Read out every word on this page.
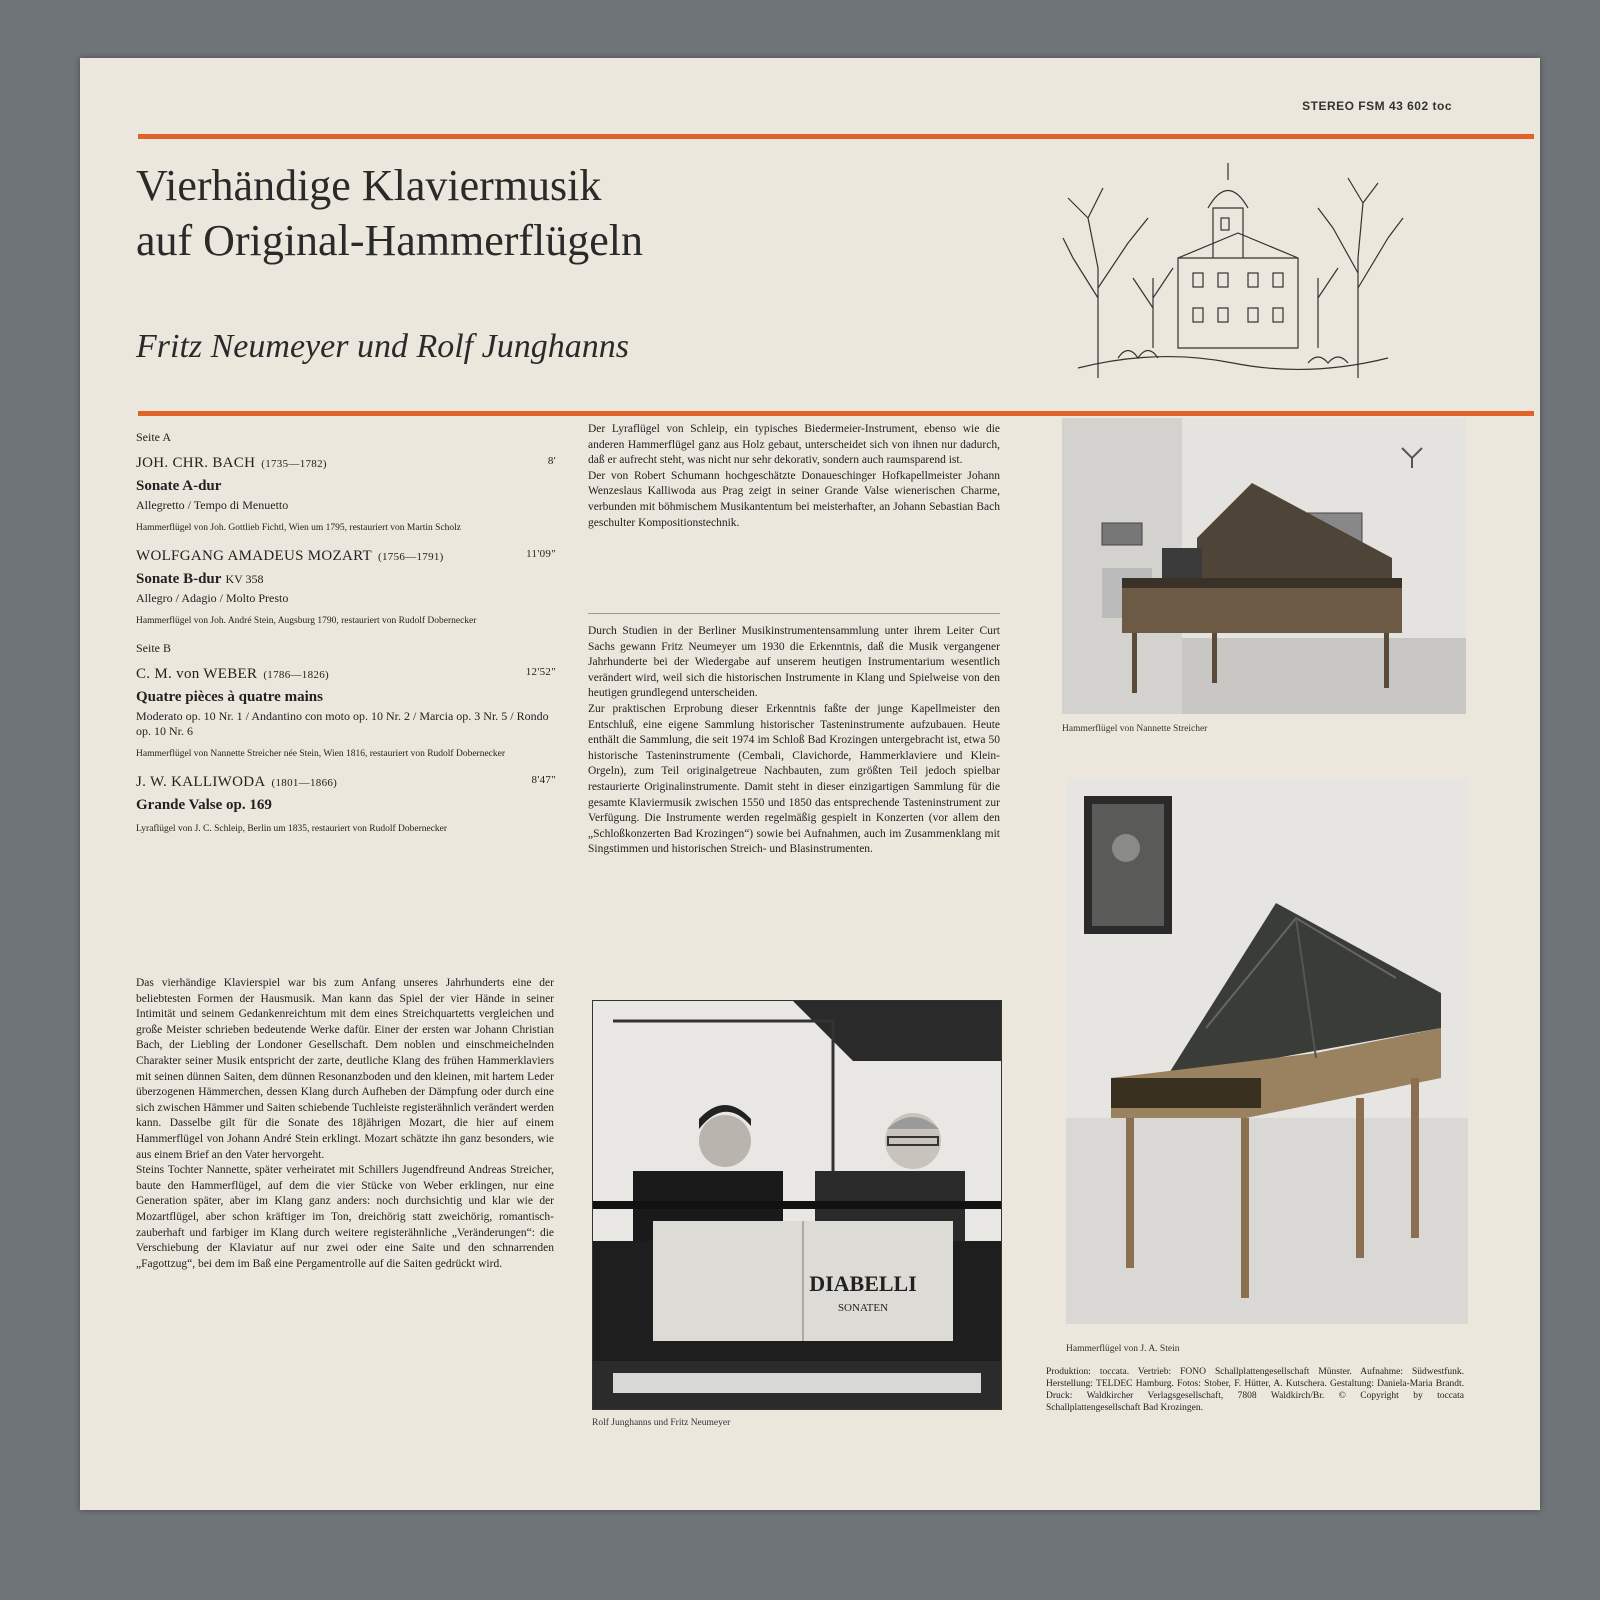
STEREO FSM 43 602 toc
Vierhändige Klaviermusik
auf Original-Hammerflügeln
Fritz Neumeyer und Rolf Junghanns
Seite A
JOH. CHR. BACH (1735—1782)	8'
Sonate A-dur
Allegretto / Tempo di Menuetto
Hammerflügel von Joh. Gottlieb Fichtl, Wien um 1795, restauriert von Martin Scholz
WOLFGANG AMADEUS MOZART (1756—1791)	11'09"
Sonate B-dur KV 358
Allegro / Adagio / Molto Presto
Hammerflügel von Joh. André Stein, Augsburg 1790, restauriert von Rudolf Dobernecker
Seite B
C. M. von WEBER (1786—1826)	12'52"
Quatre pièces à quatre mains
Moderato op. 10 Nr. 1 / Andantino con moto op. 10 Nr. 2 / Marcia op. 3 Nr. 5 / Rondo op. 10 Nr. 6
Hammerflügel von Nannette Streicher née Stein, Wien 1816, restauriert von Rudolf Dobernecker
J. W. KALLIWODA (1801—1866)	8'47"
Grande Valse op. 169
Lyraflügel von J. C. Schleip, Berlin um 1835, restauriert von Rudolf Dobernecker
Das vierhändige Klavierspiel war bis zum Anfang unseres Jahrhunderts eine der beliebtesten Formen der Hausmusik. Man kann das Spiel der vier Hände in seiner Intimität und seinem Gedankenreichtum mit dem eines Streichquartetts vergleichen und große Meister schrieben bedeutende Werke dafür. Einer der ersten war Johann Christian Bach, der Liebling der Londoner Gesellschaft. Dem noblen und einschmeichelnden Charakter seiner Musik entspricht der zarte, deutliche Klang des frühen Hammerklaviers mit seinen dünnen Saiten, dem dünnen Resonanzboden und den kleinen, mit hartem Leder überzogenen Hämmerchen, dessen Klang durch Aufheben der Dämpfung oder durch eine sich zwischen Hämmer und Saiten schiebende Tuchleiste registerähnlich verändert werden kann. Dasselbe gilt für die Sonate des 18jährigen Mozart, die hier auf einem Hammerflügel von Johann André Stein erklingt. Mozart schätzte ihn ganz besonders, wie aus einem Brief an den Vater hervorgeht.
Steins Tochter Nannette, später verheiratet mit Schillers Jugendfreund Andreas Streicher, baute den Hammerflügel, auf dem die vier Stücke von Weber erklingen, nur eine Generation später, aber im Klang ganz anders: noch durchsichtig und klar wie der Mozartflügel, aber schon kräftiger im Ton, dreichörig statt zweichörig, romantisch-zauberhaft und farbiger im Klang durch weitere registerähnliche „Veränderungen“: die Verschiebung der Klaviatur auf nur zwei oder eine Saite und den schnarrenden „Fagottzug“, bei dem im Baß eine Pergamentrolle auf die Saiten gedrückt wird.
Der Lyraflügel von Schleip, ein typisches Biedermeier-Instrument, ebenso wie die anderen Hammerflügel ganz aus Holz gebaut, unterscheidet sich von ihnen nur dadurch, daß er aufrecht steht, was nicht nur sehr dekorativ, sondern auch raumsparend ist.
Der von Robert Schumann hochgeschätzte Donaueschinger Hofkapellmeister Johann Wenzeslaus Kalliwoda aus Prag zeigt in seiner Grande Valse wienerischen Charme, verbunden mit böhmischem Musikantentum bei meisterhafter, an Johann Sebastian Bach geschulter Kompositionstechnik.
Durch Studien in der Berliner Musikinstrumentensammlung unter ihrem Leiter Curt Sachs gewann Fritz Neumeyer um 1930 die Erkenntnis, daß die Musik vergangener Jahrhunderte bei der Wiedergabe auf unserem heutigen Instrumentarium wesentlich verändert wird, weil sich die historischen Instrumente in Klang und Spielweise von den heutigen grundlegend unterscheiden.
Zur praktischen Erprobung dieser Erkenntnis faßte der junge Kapellmeister den Entschluß, eine eigene Sammlung historischer Tasteninstrumente aufzubauen. Heute enthält die Sammlung, die seit 1974 im Schloß Bad Krozingen untergebracht ist, etwa 50 historische Tasteninstrumente (Cembali, Clavichorde, Hammerklaviere und Klein-Orgeln), zum Teil originalgetreue Nachbauten, zum größten Teil jedoch spielbar restaurierte Originalinstrumente. Damit steht in dieser einzigartigen Sammlung für die gesamte Klaviermusik zwischen 1550 und 1850 das entsprechende Tasteninstrument zur Verfügung. Die Instrumente werden regelmäßig gespielt in Konzerten (vor allem den „Schloßkonzerten Bad Krozingen“) sowie bei Aufnahmen, auch im Zusammenklang mit Singstimmen und historischen Streich- und Blasinstrumenten.
Hammerflügel von Nannette Streicher
DIABELLI
SONATEN
Rolf Junghanns und Fritz Neumeyer
Hammerflügel von J. A. Stein
Produktion: toccata. Vertrieb: FONO Schallplattengesellschaft Münster. Aufnahme: Südwestfunk. Herstellung: TELDEC Hamburg. Fotos: Stober, F. Hütter, A. Kutschera. Gestaltung: Daniela-Maria Brandt. Druck: Waldkircher Verlagsgesellschaft, 7808 Waldkirch/Br. © Copyright by toccata Schallplattengesellschaft Bad Krozingen.
